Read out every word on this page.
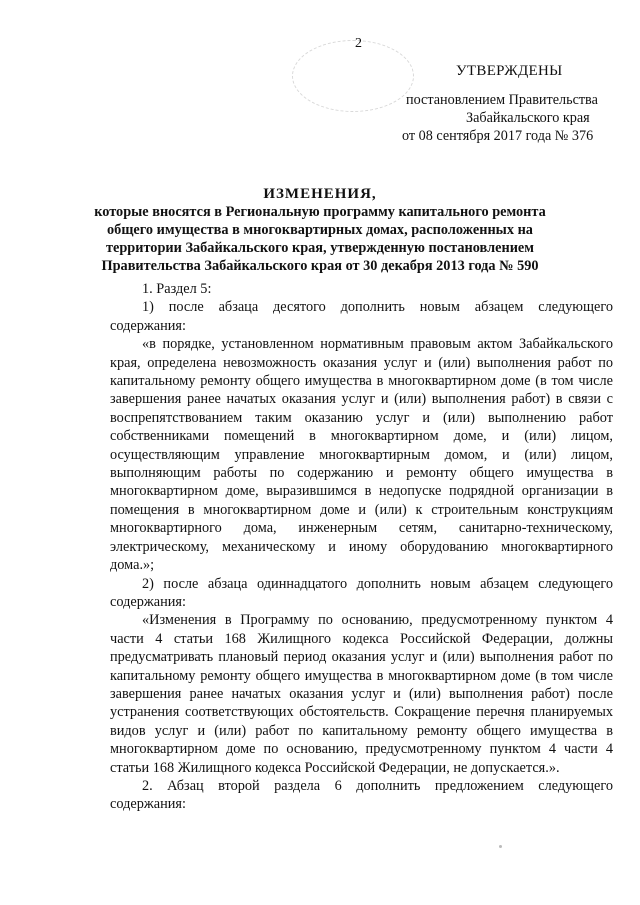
2
УТВЕРЖДЕНЫ
постановлением Правительства
Забайкальского края
от 08 сентября 2017 года № 376
ИЗМЕНЕНИЯ,
которые вносятся в Региональную программу капитального ремонта общего имущества в многоквартирных домах, расположенных на территории Забайкальского края, утвержденную постановлением Правительства Забайкальского края от 30 декабря 2013 года № 590

1. Раздел 5:

1) после абзаца десятого дополнить новым абзацем следующего содержания:

«в порядке, установленном нормативным правовым актом Забайкальского края, определена невозможность оказания услуг и (или) выполнения работ по капитальному ремонту общего имущества в многоквартирном доме (в том числе завершения ранее начатых оказания услуг и (или) выполнения работ) в связи с воспрепятствованием таким оказанию услуг и (или) выполнению работ собственниками помещений в многоквартирном доме, и (или) лицом, осуществляющим управление многоквартирным домом, и (или) лицом, выполняющим работы по содержанию и ремонту общего имущества в многоквартирном доме, выразившимся в недопуске подрядной организации в помещения в многоквартирном доме и (или) к строительным конструкциям многоквартирного дома, инженерным сетям, санитарно-техническому, электрическому, механическому и иному оборудованию многоквартирного дома.»;

2) после абзаца одиннадцатого дополнить новым абзацем следующего содержания:

«Изменения в Программу по основанию, предусмотренному пунктом 4 части 4 статьи 168 Жилищного кодекса Российской Федерации, должны предусматривать плановый период оказания услуг и (или) выполнения работ по капитальному ремонту общего имущества в многоквартирном доме (в том числе завершения ранее начатых оказания услуг и (или) выполнения работ) после устранения соответствующих обстоятельств. Сокращение перечня планируемых видов услуг и (или) работ по капитальному ремонту общего имущества в многоквартирном доме по основанию, предусмотренному пунктом 4 части 4 статьи 168 Жилищного кодекса Российской Федерации, не допускается.».

2. Абзац второй раздела 6 дополнить предложением следующего содержания:
